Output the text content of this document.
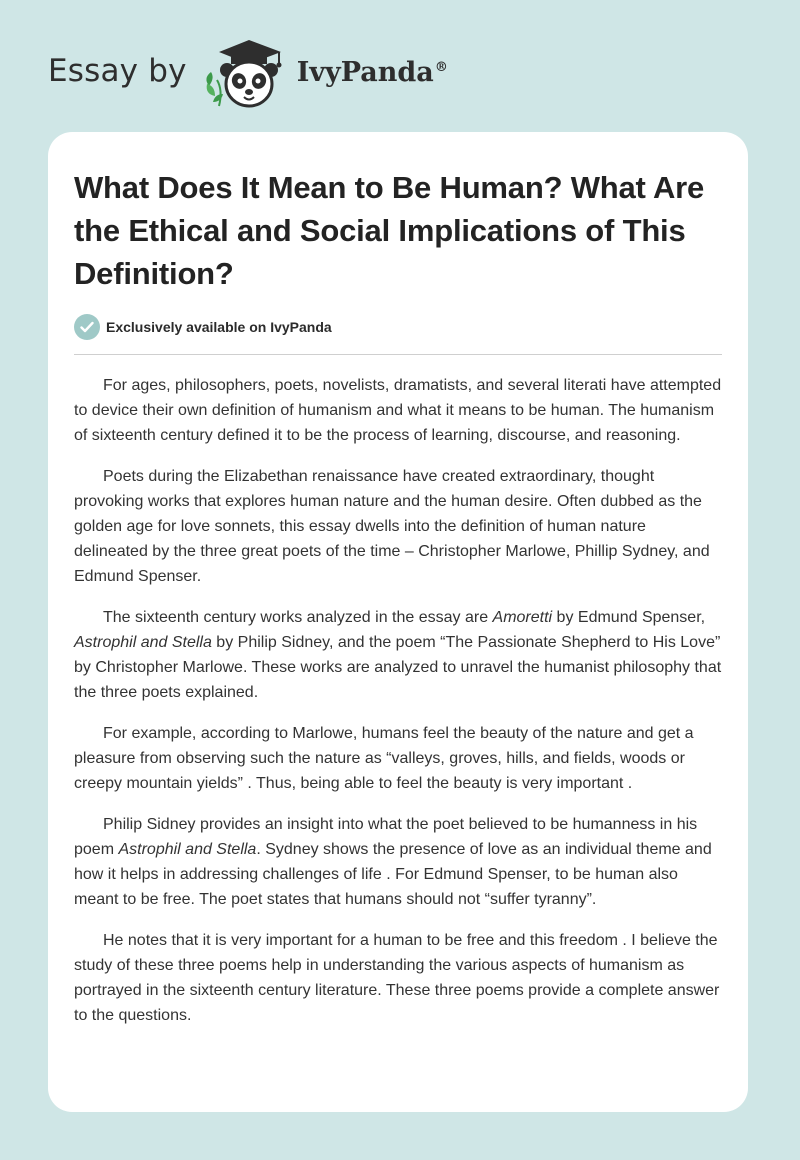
Essay by	IvyPanda®
What Does It Mean to Be Human? What Are the Ethical and Social Implications of This Definition?
Exclusively available on IvyPanda

For ages, philosophers, poets, novelists, dramatists, and several literati have attempted to device their own definition of humanism and what it means to be human. The humanism of sixteenth century defined it to be the process of learning, discourse, and reasoning.

Poets during the Elizabethan renaissance have created extraordinary, thought provoking works that explores human nature and the human desire. Often dubbed as the golden age for love sonnets, this essay dwells into the definition of human nature delineated by the three great poets of the time – Christopher Marlowe, Phillip Sydney, and Edmund Spenser.

The sixteenth century works analyzed in the essay are Amoretti by Edmund Spenser, Astrophil and Stella by Philip Sidney, and the poem “The Passionate Shepherd to His Love” by Christopher Marlowe. These works are analyzed to unravel the humanist philosophy that the three poets explained.

For example, according to Marlowe, humans feel the beauty of the nature and get a pleasure from observing such the nature as “valleys, groves, hills, and fields, woods or creepy mountain yields” . Thus, being able to feel the beauty is very important .

Philip Sidney provides an insight into what the poet believed to be humanness in his poem Astrophil and Stella. Sydney shows the presence of love as an individual theme and how it helps in addressing challenges of life . For Edmund Spenser, to be human also meant to be free. The poet states that humans should not “suffer tyranny”.

He notes that it is very important for a human to be free and this freedom . I believe the study of these three poems help in understanding the various aspects of humanism as portrayed in the sixteenth century literature. These three poems provide a complete answer to the questions.
